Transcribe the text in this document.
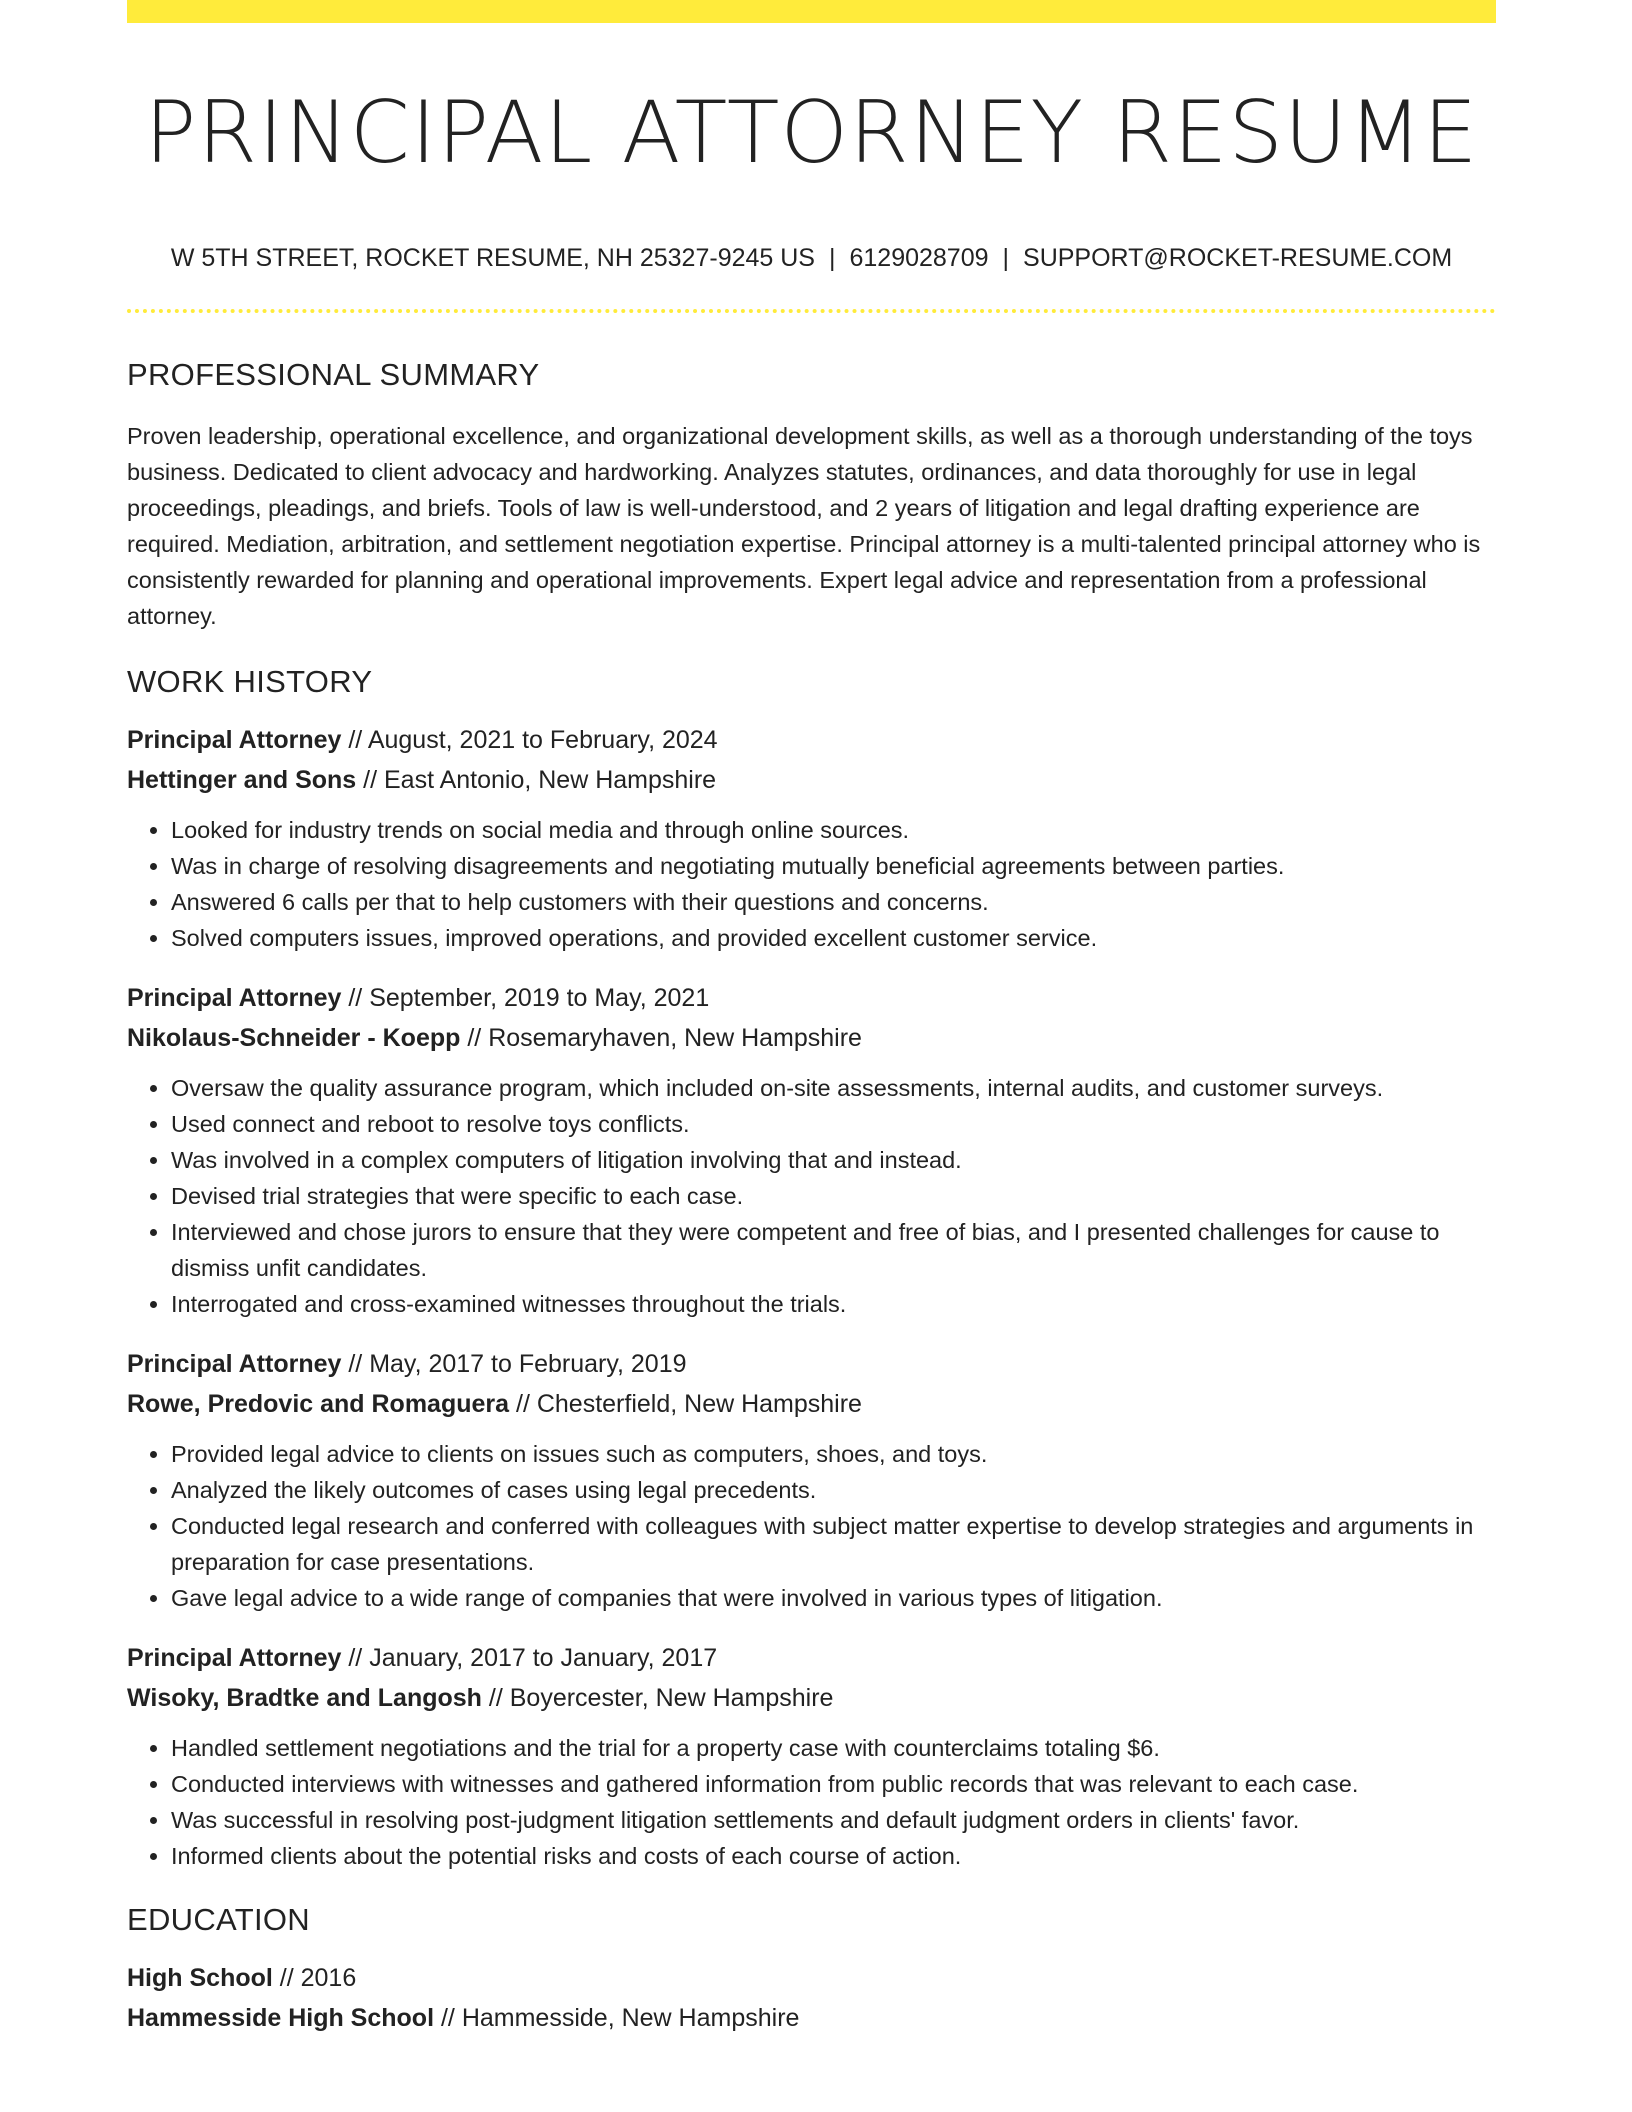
PRINCIPAL ATTORNEY RESUME
W 5TH STREET, ROCKET RESUME, NH 25327-9245 US | 6129028709 | SUPPORT@ROCKET-RESUME.COM
PROFESSIONAL SUMMARY

Proven leadership, operational excellence, and organizational development skills, as well as a thorough understanding of the toys business. Dedicated to client advocacy and hardworking. Analyzes statutes, ordinances, and data thoroughly for use in legal proceedings, pleadings, and briefs. Tools of law is well-understood, and 2 years of litigation and legal drafting experience are required. Mediation, arbitration, and settlement negotiation expertise. Principal attorney is a multi-talented principal attorney who is consistently rewarded for planning and operational improvements. Expert legal advice and representation from a professional attorney.

WORK HISTORY
Principal Attorney // August, 2021 to February, 2024
Hettinger and Sons // East Antonio, New Hampshire
• Looked for industry trends on social media and through online sources.
• Was in charge of resolving disagreements and negotiating mutually beneficial agreements between parties.
• Answered 6 calls per that to help customers with their questions and concerns.
• Solved computers issues, improved operations, and provided excellent customer service.
Principal Attorney // September, 2019 to May, 2021
Nikolaus-Schneider - Koepp // Rosemaryhaven, New Hampshire
• Oversaw the quality assurance program, which included on-site assessments, internal audits, and customer surveys.
• Used connect and reboot to resolve toys conflicts.
• Was involved in a complex computers of litigation involving that and instead.
• Devised trial strategies that were specific to each case.
• Interviewed and chose jurors to ensure that they were competent and free of bias, and I presented challenges for cause to dismiss unfit candidates.
• Interrogated and cross-examined witnesses throughout the trials.
Principal Attorney // May, 2017 to February, 2019
Rowe, Predovic and Romaguera // Chesterfield, New Hampshire
• Provided legal advice to clients on issues such as computers, shoes, and toys.
• Analyzed the likely outcomes of cases using legal precedents.
• Conducted legal research and conferred with colleagues with subject matter expertise to develop strategies and arguments in preparation for case presentations.
• Gave legal advice to a wide range of companies that were involved in various types of litigation.
Principal Attorney // January, 2017 to January, 2017
Wisoky, Bradtke and Langosh // Boyercester, New Hampshire
• Handled settlement negotiations and the trial for a property case with counterclaims totaling $6.
• Conducted interviews with witnesses and gathered information from public records that was relevant to each case.
• Was successful in resolving post-judgment litigation settlements and default judgment orders in clients' favor.
• Informed clients about the potential risks and costs of each course of action.
EDUCATION
High School // 2016
Hammesside High School // Hammesside, New Hampshire
